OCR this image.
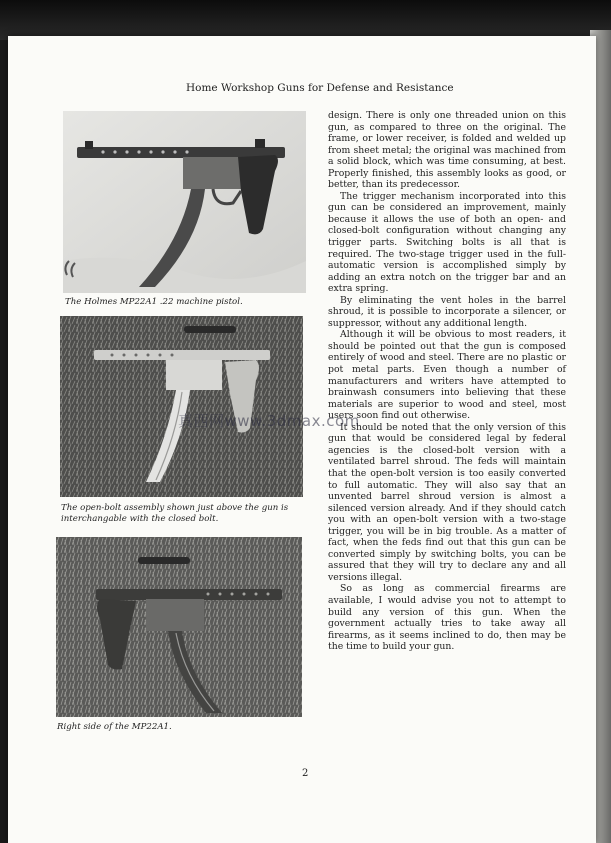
Home Workshop Guns for Defense and Resistance
The Holmes MP22A1 .22 machine pistol.
The open-bolt assembly shown just above the gun is
interchangable with the closed bolt.
Right side of the MP22A1.

design. There is only one threaded union on this gun, as compared to three on the original. The frame, or lower receiver, is folded and welded up from sheet metal; the original was machined from a solid block, which was time consuming, at best. Properly finished, this assembly looks as good, or better, than its predecessor.

The trigger mechanism incorporated into this gun can be considered an improvement, mainly because it allows the use of both an open- and closed-bolt configuration without changing any trigger parts. Switching bolts is all that is required. The two-stage trigger used in the full-automatic version is accomplished simply by adding an extra notch on the trigger bar and an extra spring.

By eliminating the vent holes in the barrel shroud, it is possible to incorporate a silencer, or suppressor, without any additional length.

Although it will be obvious to most readers, it should be pointed out that the gun is composed entirely of wood and steel. There are no plastic or pot metal parts. Even though a number of manufacturers and writers have attempted to brainwash consumers into believing that these materials are superior to wood and steel, most users soon find out otherwise.

It should be noted that the only version of this gun that would be considered legal by federal agencies is the closed-bolt version with a ventilated barrel shroud. The feds will maintain that the open-bolt version is too easily converted to full automatic. They will also say that an unvented barrel shroud version is almost a silenced version already. And if they should catch you with an open-bolt version with a two-stage trigger, you will be in big trouble. As a matter of fact, when the feds find out that this gun can be converted simply by switching bolts, you can be assured that they will try to declare any and all versions illegal.

So as long as commercial firearms are available, I would advise you not to attempt to build any version of this gun. When the government actually tries to take away all firearms, as it seems inclined to do, then may be the time to build your gun.

真西网www.3dmax.com
2
